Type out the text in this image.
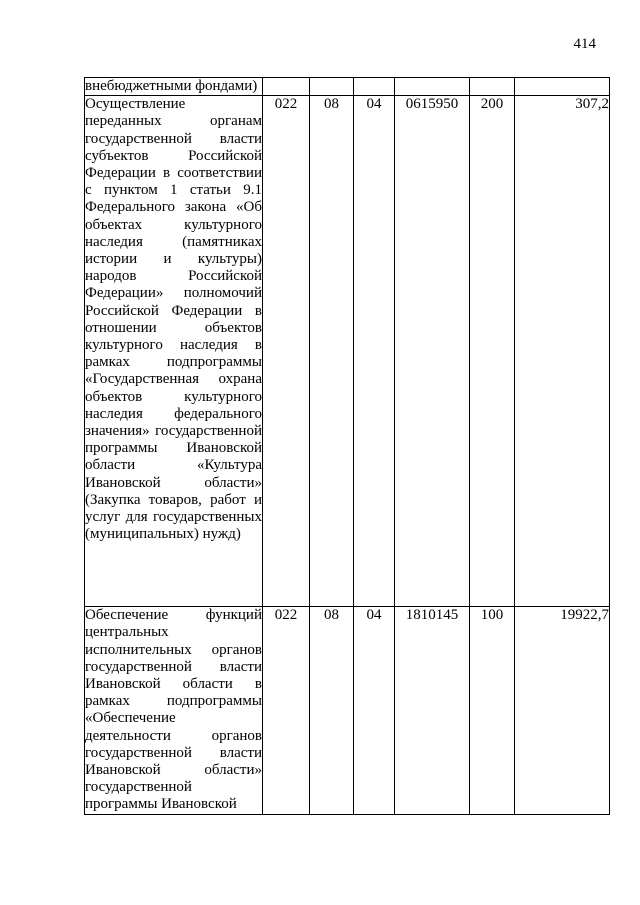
414
внебюджетными фондами)						
Осуществление переданных органам государственной власти субъектов Российской Федерации в соответствии с пунктом 1 статьи 9.1 Федерального закона «Об объектах культурного наследия (памятниках истории и культуры) народов Российской Федерации» полномочий Российской Федерации в отношении объектов культурного наследия в рамках подпрограммы «Государственная охрана объектов культурного наследия федерального значения» государственной программы Ивановской области «Культура Ивановской области» (Закупка товаров, работ и услуг для государственных (муниципальных) нужд)	022	08	04	0615950	200	307,2
Обеспечение функций центральных исполнительных органов государственной власти Ивановской области в рамках подпрограммы «Обеспечение деятельности органов государственной власти Ивановской области» государственной программы Ивановской	022	08	04	1810145	100	19922,7
